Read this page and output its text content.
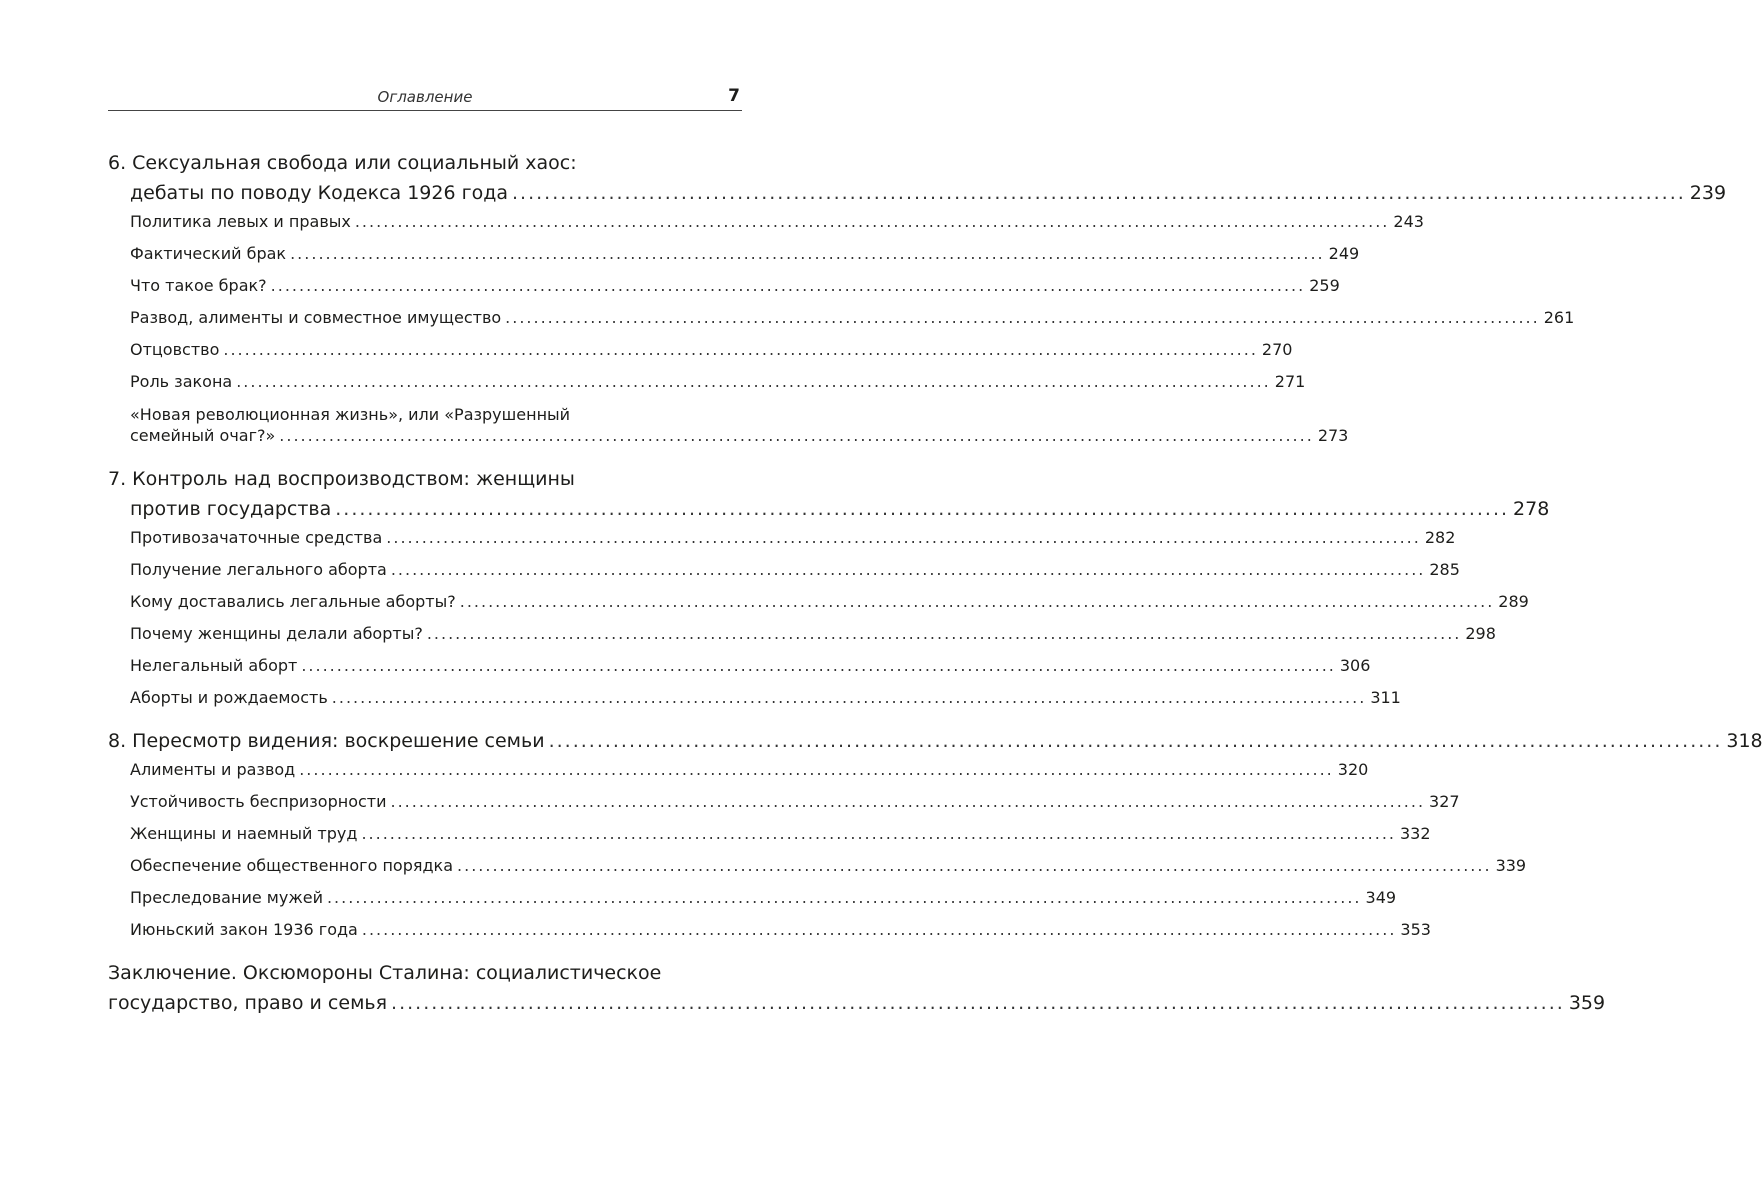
Оглавление	7
6. Сексуальная свобода или социальный хаос:
дебаты по поводу Кодекса 1926 года .................................................................................................................................................. 239
Политика левых и правых .................................................................................................................................................. 243
Фактический брак .................................................................................................................................................. 249
Что такое брак? .................................................................................................................................................. 259
Развод, алименты и совместное имущество .................................................................................................................................................. 261
Отцовство .................................................................................................................................................. 270
Роль закона .................................................................................................................................................. 271
«Новая революционная жизнь», или «Разрушенный
семейный очаг?» .................................................................................................................................................. 273
7. Контроль над воспроизводством: женщины
против государства .................................................................................................................................................. 278
Противозачаточные средства .................................................................................................................................................. 282
Получение легального аборта .................................................................................................................................................. 285
Кому доставались легальные аборты? .................................................................................................................................................. 289
Почему женщины делали аборты? .................................................................................................................................................. 298
Нелегальный аборт .................................................................................................................................................. 306
Аборты и рождаемость .................................................................................................................................................. 311
8. Пересмотр видения: воскрешение семьи .................................................................................................................................................. 318
Алименты и развод .................................................................................................................................................. 320
Устойчивость беспризорности .................................................................................................................................................. 327
Женщины и наемный труд .................................................................................................................................................. 332
Обеспечение общественного порядка .................................................................................................................................................. 339
Преследование мужей .................................................................................................................................................. 349
Июньский закон 1936 года .................................................................................................................................................. 353
Заключение. Оксюмороны Сталина: социалистическое
государство, право и семья .................................................................................................................................................. 359
